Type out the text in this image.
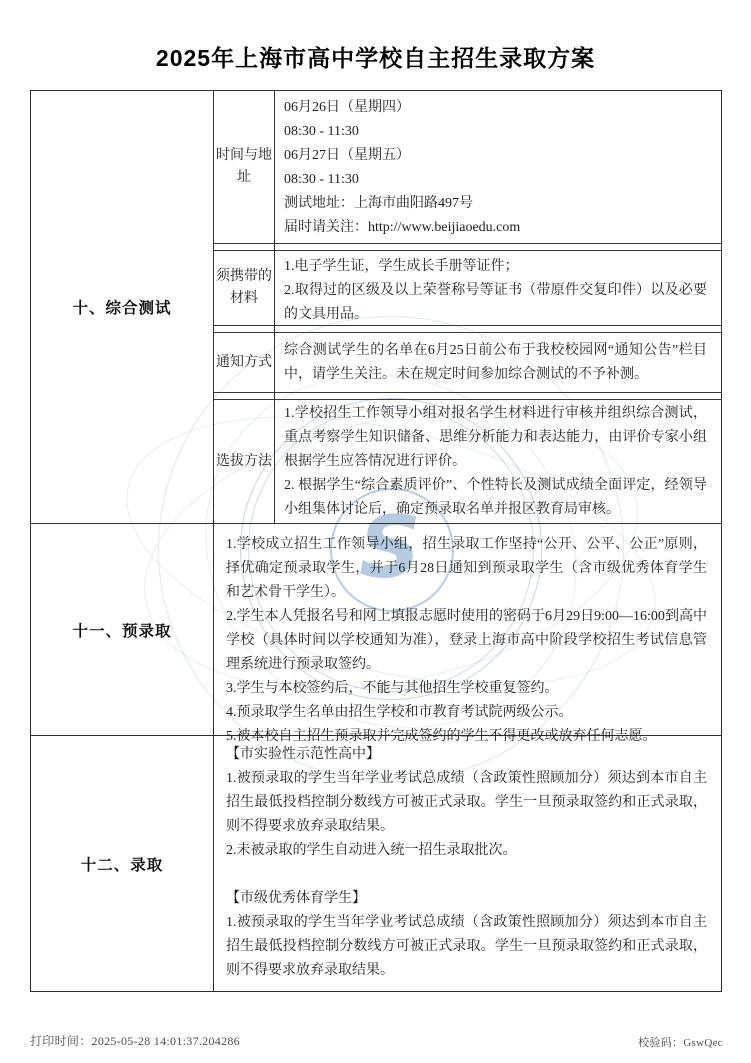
S
2025年上海市高中学校自主招生录取方案
十、综合测试
时间与地址

06月26日（星期四）

08:30 - 11:30

06月27日（星期五）

08:30 - 11:30

测试地址：上海市曲阳路497号

届时请关注：http://www.beijiaoedu.com

须携带的材料

1.电子学生证，学生成长手册等证件；

2.取得过的区级及以上荣誉称号等证书（带原件交复印件）以及必要的文具用品。

通知方式

综合测试学生的名单在6月25日前公布于我校校园网“通知公告”栏目中，请学生关注。未在规定时间参加综合测试的不予补测。

选拔方法

1.学校招生工作领导小组对报名学生材料进行审核并组织综合测试，重点考察学生知识储备、思维分析能力和表达能力，由评价专家小组根据学生应答情况进行评价。

2. 根据学生“综合素质评价”、个性特长及测试成绩全面评定，经领导小组集体讨论后，确定预录取名单并报区教育局审核。

十一、预录取

1.学校成立招生工作领导小组，招生录取工作坚持“公开、公平、公正”原则，择优确定预录取学生，并于6月28日通知到预录取学生（含市级优秀体育学生和艺术骨干学生）。

2.学生本人凭报名号和网上填报志愿时使用的密码于6月29日9:00—16:00到高中学校（具体时间以学校通知为准），登录上海市高中阶段学校招生考试信息管理系统进行预录取签约。

3.学生与本校签约后，不能与其他招生学校重复签约。

4.预录取学生名单由招生学校和市教育考试院两级公示。

5.被本校自主招生预录取并完成签约的学生不得更改或放弃任何志愿。

十二、录取

【市实验性示范性高中】

1.被预录取的学生当年学业考试总成绩（含政策性照顾加分）须达到本市自主招生最低投档控制分数线方可被正式录取。学生一旦预录取签约和正式录取，则不得要求放弃录取结果。

2.未被录取的学生自动进入统一招生录取批次。

【市级优秀体育学生】

1.被预录取的学生当年学业考试总成绩（含政策性照顾加分）须达到本市自主招生最低投档控制分数线方可被正式录取。学生一旦预录取签约和正式录取，则不得要求放弃录取结果。

打印时间：2025-05-28 14:01:37.204286	校验码：GswQec
